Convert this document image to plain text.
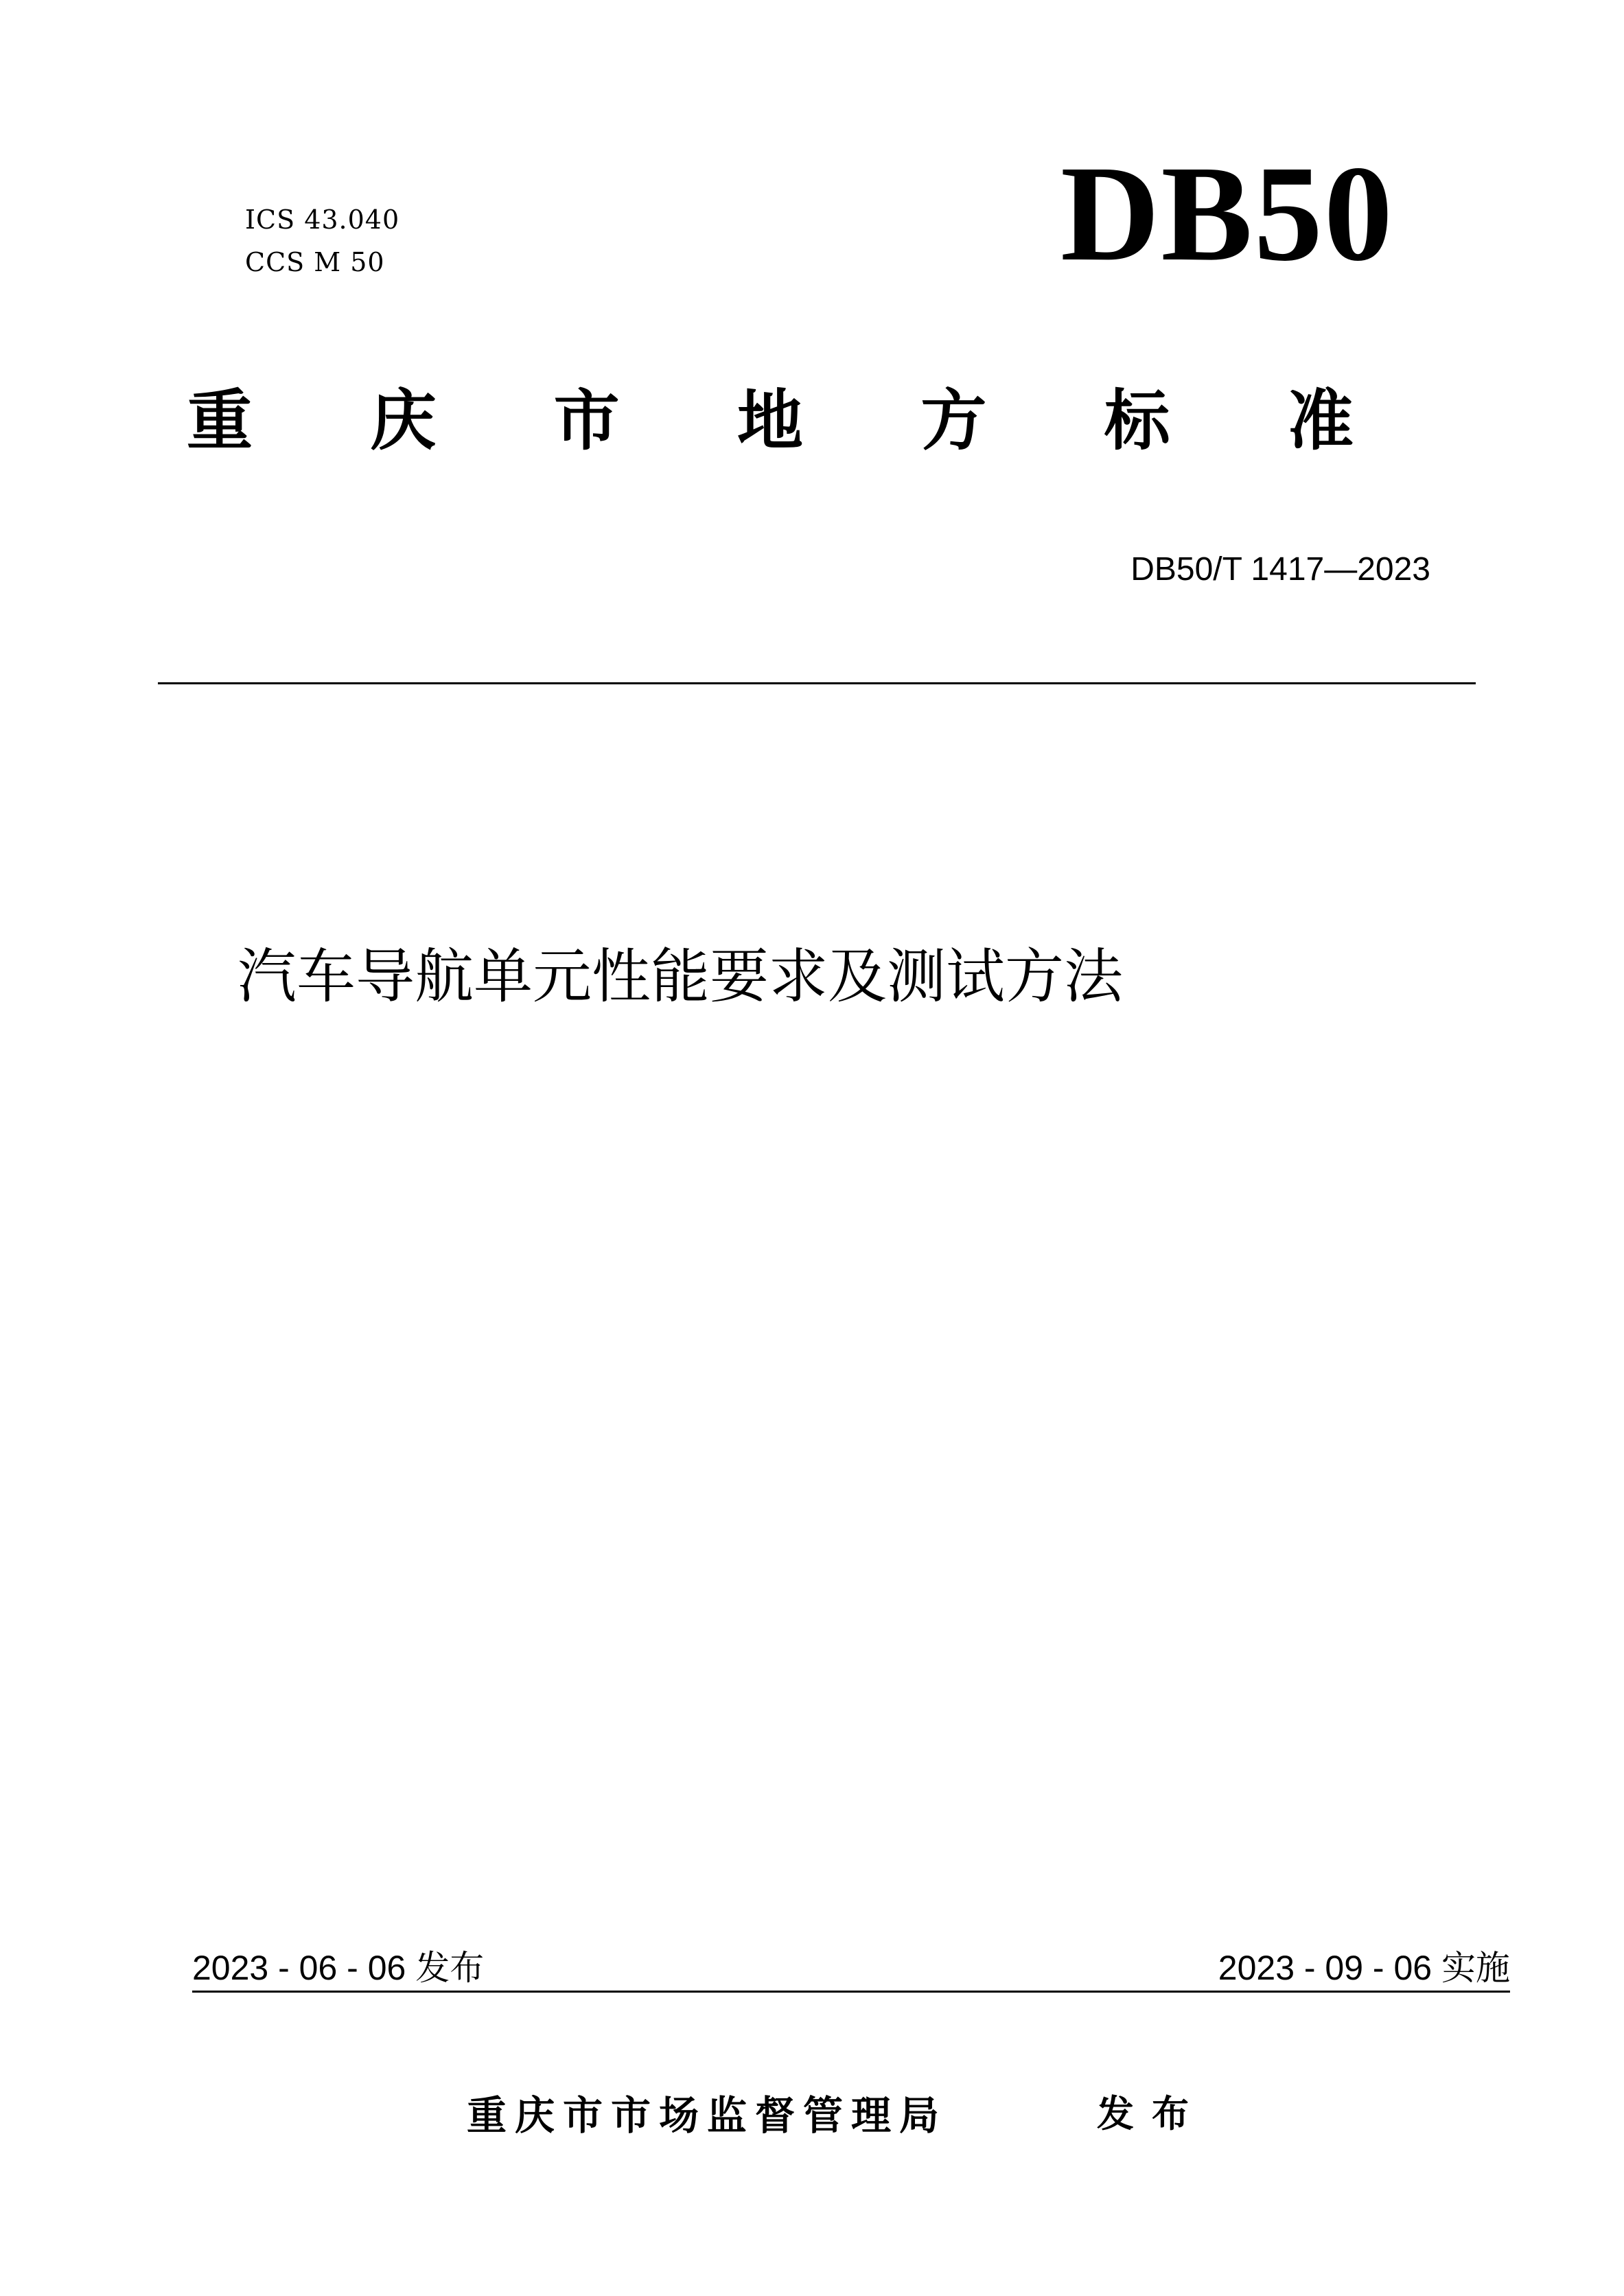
ICS 43.040
CCS M 50	DB50
重 庆 市 地 方 标 准
DB50/T 1417—2023
汽车导航单元性能要求及测试方法
2023 - 06 - 06 发布	2023 - 09 - 06 实施
重庆市市场监督管理局	发布
